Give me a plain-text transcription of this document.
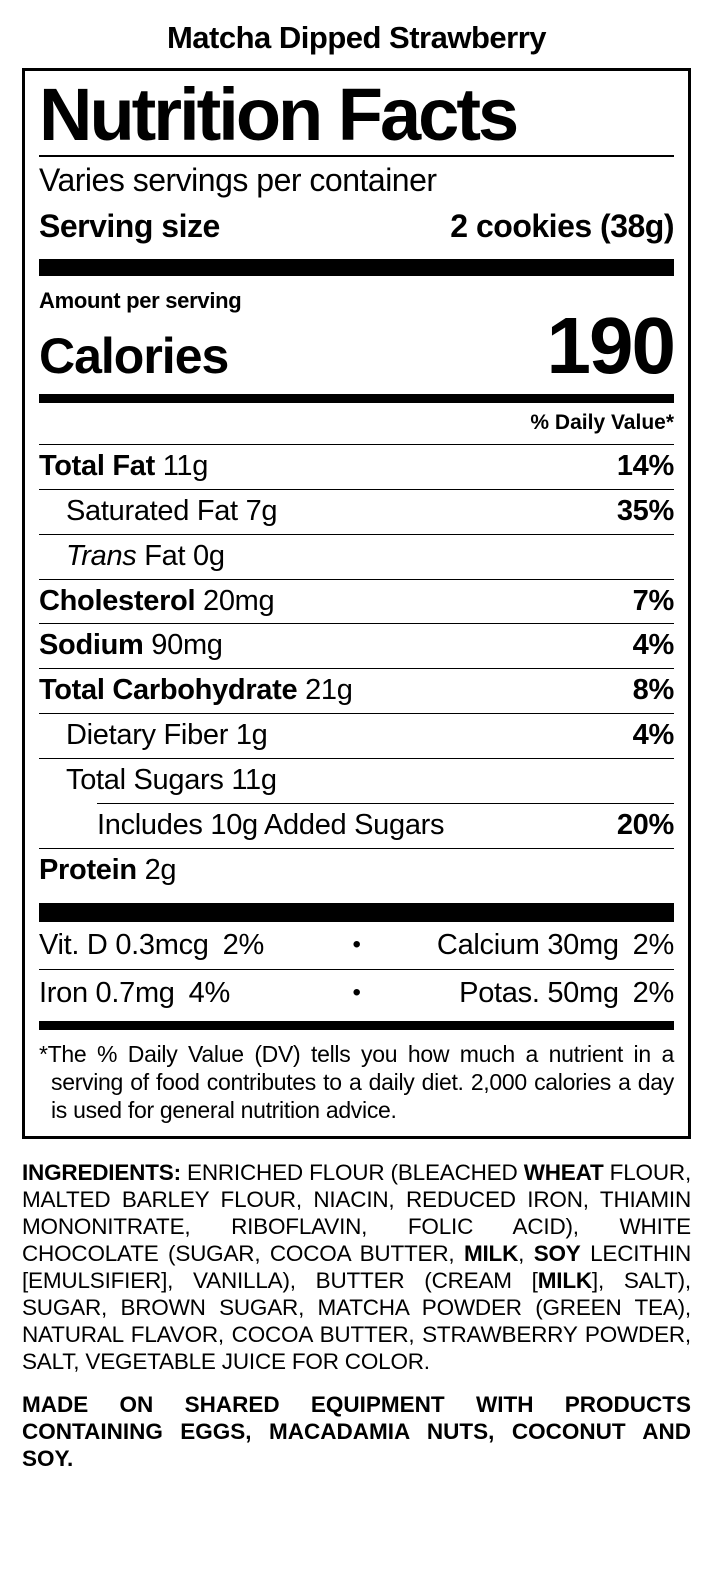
Matcha Dipped Strawberry
Nutrition Facts
Varies servings per container
Serving size	2 cookies (38g)
Amount per serving
Calories	190
% Daily Value*
Total Fat 11g	14%
Saturated Fat 7g	35%
Trans Fat 0g
Cholesterol 20mg	7%
Sodium 90mg	4%
Total Carbohydrate 21g	8%
Dietary Fiber 1g	4%
Total Sugars 11g
Includes 10g Added Sugars	20%
Protein 2g
Vit. D 0.3mcg 2%	•	Calcium 30mg 2%
Iron 0.7mg 4%	•	Potas. 50mg 2%

*The % Daily Value (DV) tells you how much a nutrient in a serving of food contributes to a daily diet. 2,000 calories a day is used for general nutrition advice.

INGREDIENTS: ENRICHED FLOUR (BLEACHED WHEAT FLOUR, MALTED BARLEY FLOUR, NIACIN, REDUCED IRON, THIAMIN MONONITRATE, RIBOFLAVIN, FOLIC ACID), WHITE CHOCOLATE (SUGAR, COCOA BUTTER, MILK, SOY LECITHIN [EMULSIFIER], VANILLA), BUTTER (CREAM [MILK], SALT), SUGAR, BROWN SUGAR, MATCHA POWDER (GREEN TEA), NATURAL FLAVOR, COCOA BUTTER, STRAWBERRY POWDER, SALT, VEGETABLE JUICE FOR COLOR.

MADE ON SHARED EQUIPMENT WITH PRODUCTS CONTAINING EGGS, MACADAMIA NUTS, COCONUT AND SOY.
